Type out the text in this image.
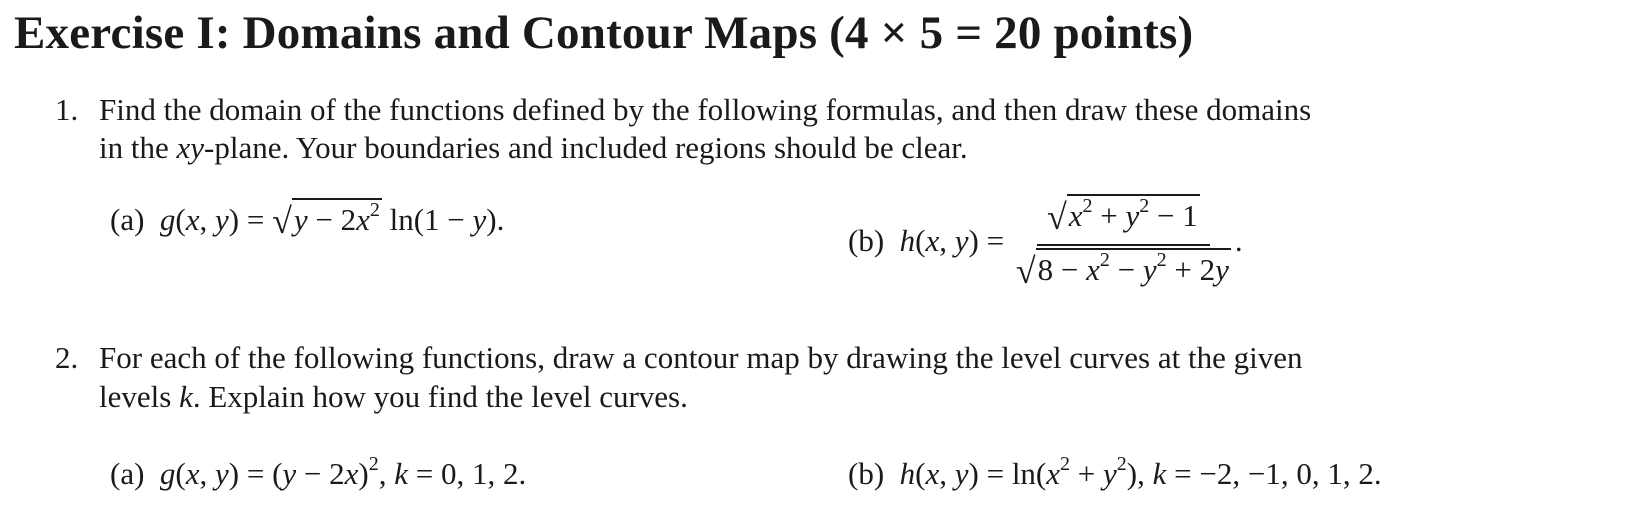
Exercise I: Domains and Contour Maps (4 × 5 = 20 points)
1. Find the domain of the functions defined by the following formulas, and then draw these domains
in the xy-plane. Your boundaries and included regions should be clear.
(a) g(x, $y) = √y - 2x^2$ ln(1 − y).
(b) h(x, $y) = \frac{√x^2 + y^2 - 1}{√8 - x^2 - y^2 + 2y}$ .
2. For each of the following functions, draw a contour map by drawing the level curves at the given
levels k. Explain how you find the level curves.
(a) g(x, $y) = (y - 2x)^2$, k = 0, 1, 2.	(b) h(x, $y) = \ln(x^2 + y^2)$, k = −2, −1, 0, 1, 2.
